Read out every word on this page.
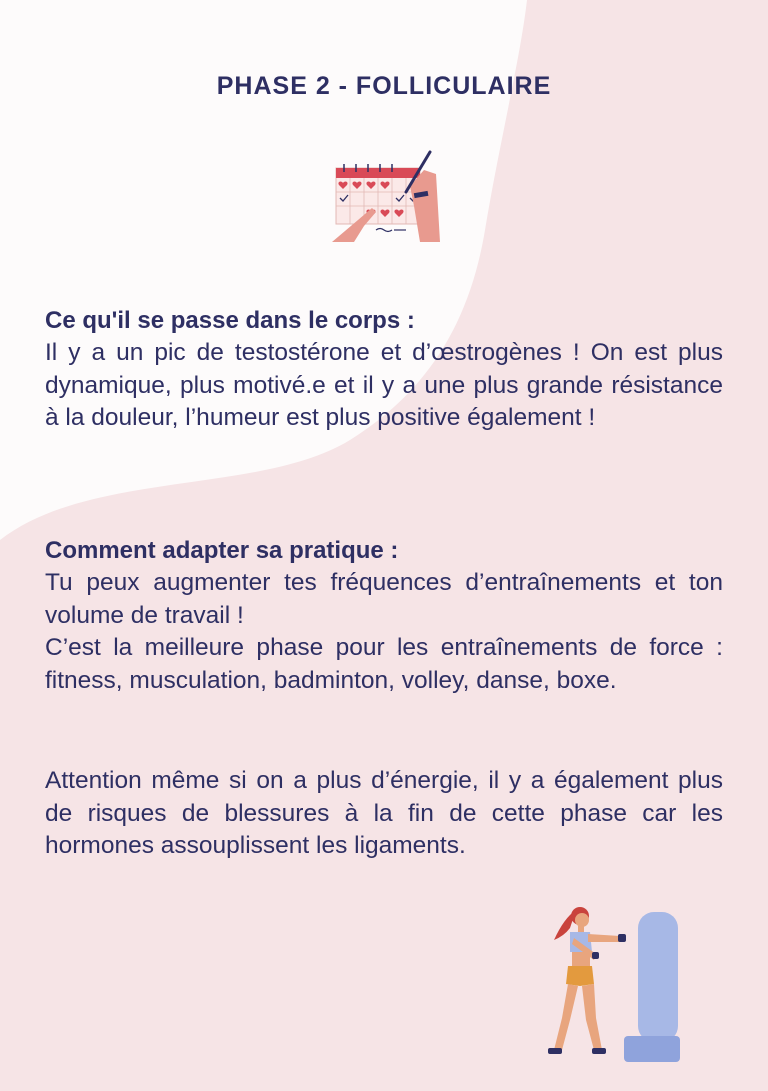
PHASE 2 - FOLLICULAIRE

Ce qu'il se passe dans le corps :

Il y a un pic de testostérone et d’œstrogènes ! On est plus dynamique, plus motivé.e et il y a une plus grande résistance à la douleur, l’humeur est plus positive également !

Comment adapter sa pratique :

Tu peux augmenter tes fréquences d’entraînements et ton volume de travail !

C’est la meilleure phase pour les entraînements de force : fitness, musculation, badminton, volley, danse, boxe.

Attention même si on a plus d’énergie, il y a également plus de risques de blessures à la fin de cette phase car les hormones assouplissent les ligaments.
